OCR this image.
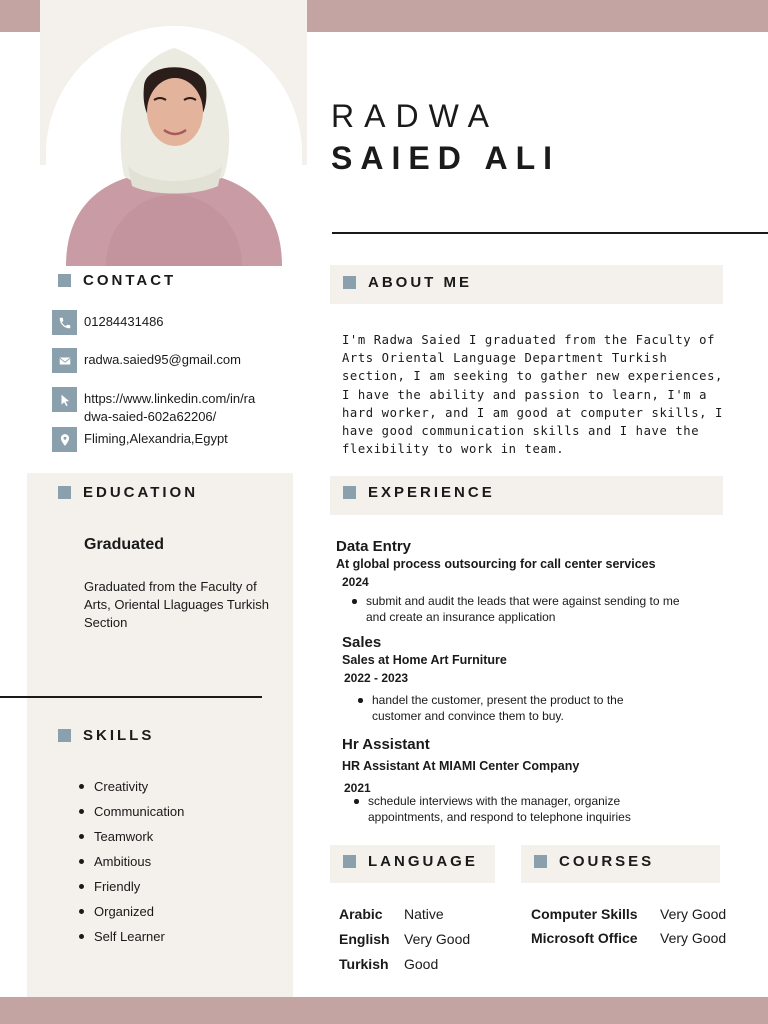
RADWA
SAIED ALI
CONTACT
01284431486
radwa.saied95@gmail.com
https://www.linkedin.com/in/ra
dwa-saied-602a62206/
Fliming,Alexandria,Egypt
ABOUT ME
I'm Radwa Saied I graduated from the Faculty of Arts Oriental Language Department Turkish section, I am seeking to gather new experiences, I have the ability and passion to learn, I'm a hard worker, and I am good at computer skills, I have good communication skills and I have the flexibility to work in team.
EDUCATION
Graduated
Graduated from the Faculty of Arts, Oriental Llaguages Turkish Section
SKILLS
Creativity
Communication
Teamwork
Ambitious
Friendly
Organized
Self Learner
EXPERIENCE
Data Entry
At global process outsourcing for call center services
2024
submit and audit the leads that were against sending to me and create an insurance application
Sales
Sales at Home Art Furniture
2022 - 2023
handel the customer, present the product to the customer and convince them to buy.
Hr Assistant
HR Assistant At MIAMI Center Company
2021
schedule interviews with the manager, organize appointments, and respond to telephone inquiries
LANGUAGE
Arabic Native
English Very Good
Turkish Good
COURSES
Computer Skills Very Good
Microsoft Office Very Good
